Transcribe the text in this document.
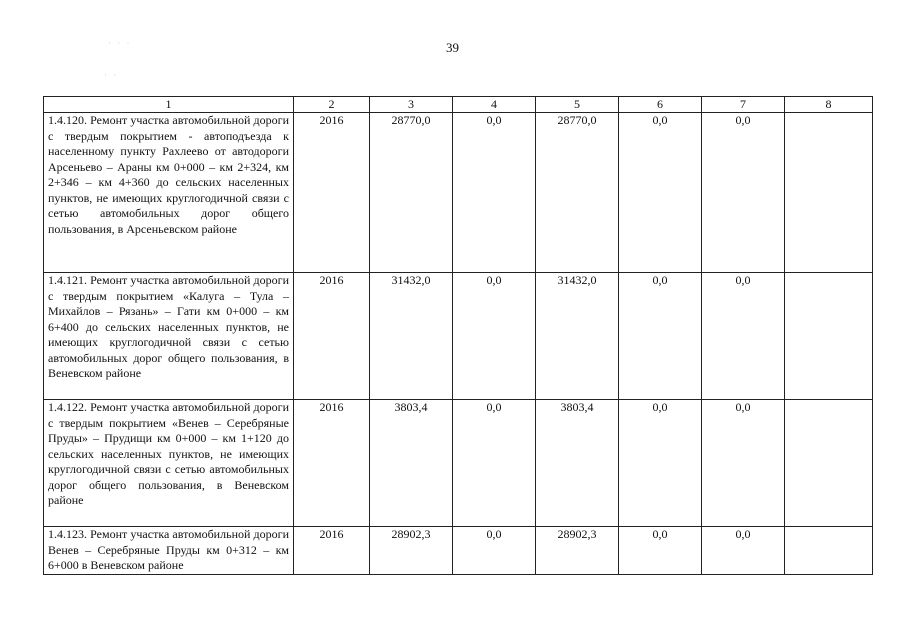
· · ·
· ·
39
1	2	3	4	5	6	7	8
1.4.120. Ремонт участка автомобильной дороги с твердым покрытием - автоподъезда к населенному пункту Рахлеево от автодороги Арсеньево – Араны км 0+000 – км 2+324, км 2+346 – км 4+360 до сельских населенных пунктов, не имеющих круглогодичной связи с сетью автомобильных дорог общего пользования, в Арсеньевском районе	2016	28770,0	0,0	28770,0	0,0	0,0	
1.4.121. Ремонт участка автомобильной дороги с твердым покрытием «Калуга – Тула – Михайлов – Рязань» – Гати км 0+000 – км 6+400 до сельских населенных пунктов, не имеющих круглогодичной связи с сетью автомобильных дорог общего пользования, в Веневском районе	2016	31432,0	0,0	31432,0	0,0	0,0	
1.4.122. Ремонт участка автомобильной дороги с твердым покрытием «Венев – Серебряные Пруды» – Прудищи км 0+000 – км 1+120 до сельских населенных пунктов, не имеющих круглогодичной связи с сетью автомобильных дорог общего пользования, в Веневском районе	2016	3803,4	0,0	3803,4	0,0	0,0	
1.4.123. Ремонт участка автомобильной дороги Венев – Серебряные Пруды км 0+312 – км 6+000 в Веневском районе	2016	28902,3	0,0	28902,3	0,0	0,0	
